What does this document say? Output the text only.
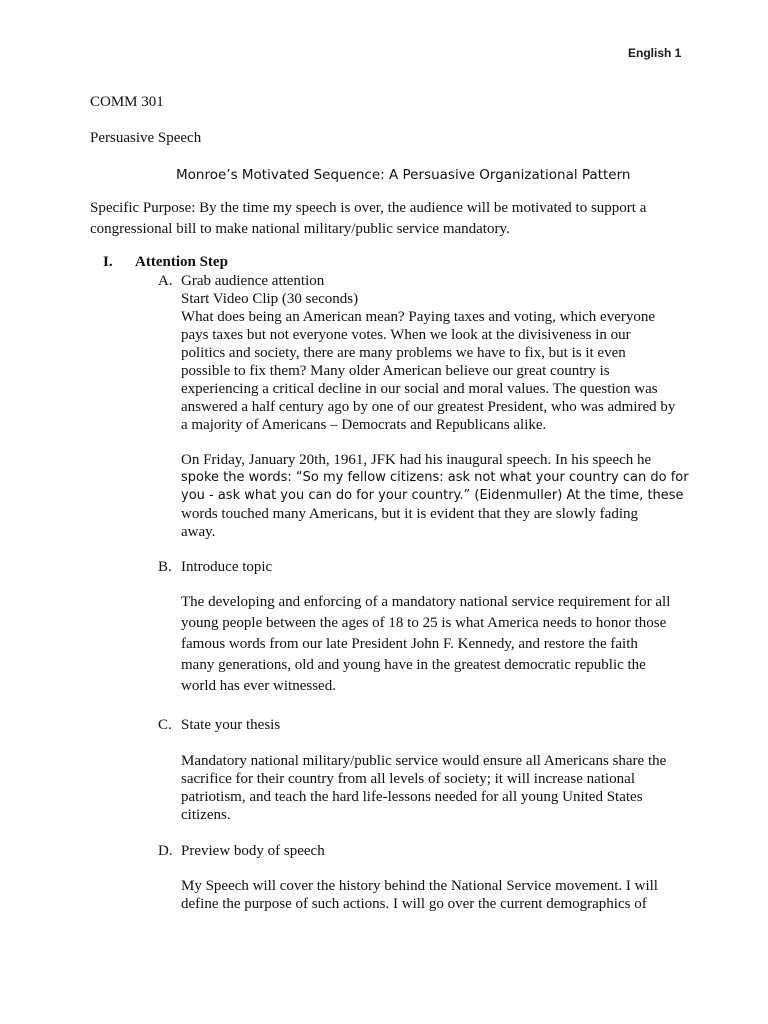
English 1
COMM 301
Persuasive Speech
Monroe’s Motivated Sequence: A Persuasive Organizational Pattern
Specific Purpose: By the time my speech is over, the audience will be motivated to support a
congressional bill to make national military/public service mandatory.
I. Attention Step
A. Grab audience attention
Start Video Clip (30 seconds)
What does being an American mean? Paying taxes and voting, which everyone
pays taxes but not everyone votes. When we look at the divisiveness in our
politics and society, there are many problems we have to fix, but is it even
possible to fix them? Many older American believe our great country is
experiencing a critical decline in our social and moral values. The question was
answered a half century ago by one of our greatest President, who was admired by
a majority of Americans – Democrats and Republicans alike.
On Friday, January 20th, 1961, JFK had his inaugural speech. In his speech he
spoke the words: “So my fellow citizens: ask not what your country can do for
you - ask what you can do for your country.” (Eidenmuller) At the time, these
words touched many Americans, but it is evident that they are slowly fading
away.
B. Introduce topic
The developing and enforcing of a mandatory national service requirement for all
young people between the ages of 18 to 25 is what America needs to honor those
famous words from our late President John F. Kennedy, and restore the faith
many generations, old and young have in the greatest democratic republic the
world has ever witnessed.
C. State your thesis
Mandatory national military/public service would ensure all Americans share the
sacrifice for their country from all levels of society; it will increase national
patriotism, and teach the hard life-lessons needed for all young United States
citizens.
D. Preview body of speech
My Speech will cover the history behind the National Service movement. I will
define the purpose of such actions. I will go over the current demographics of
